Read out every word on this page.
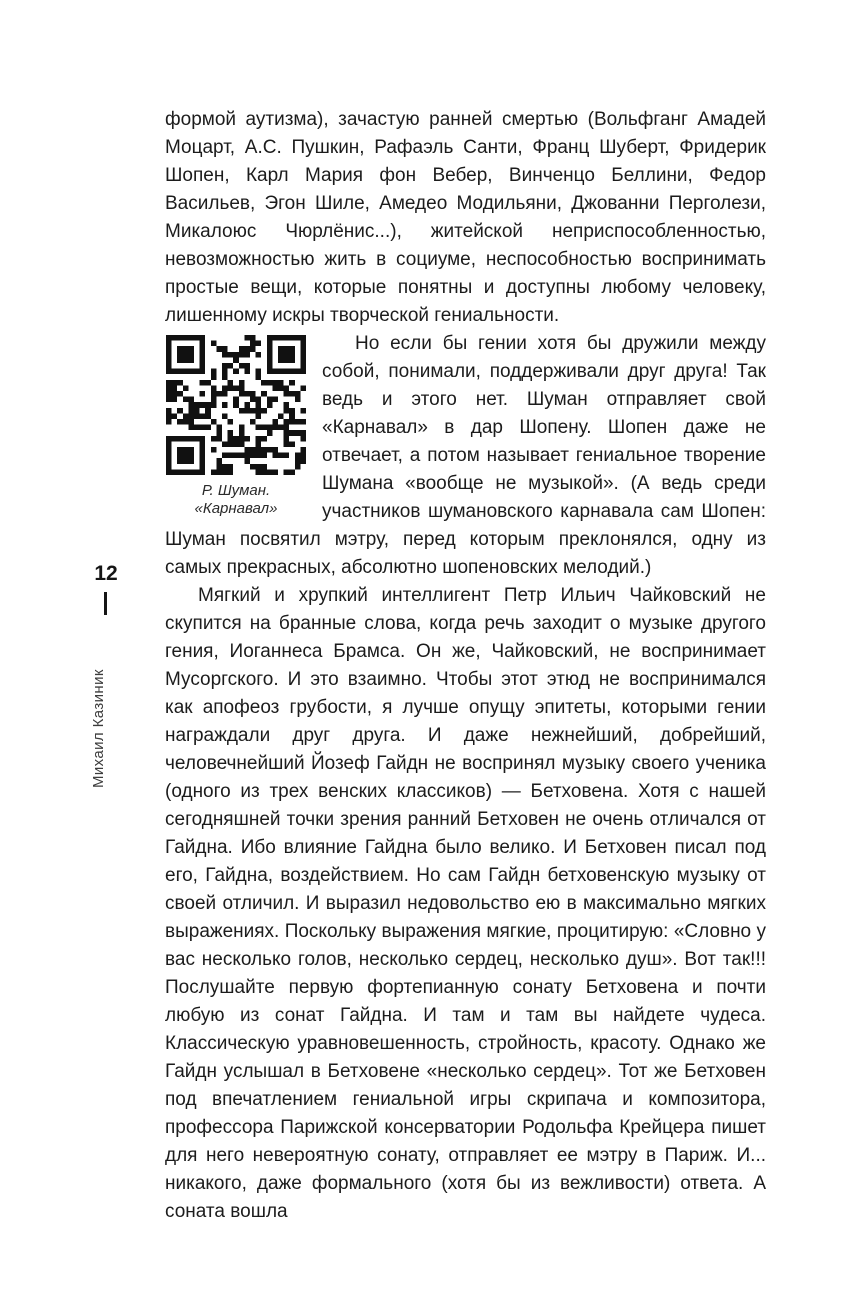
12
Михаил Казиник

формой аутизма), зачастую ранней смертью (Вольфганг Амадей Моцарт, А.С. Пушкин, Рафаэль Санти, Франц Шуберт, Фридерик Шопен, Карл Мария фон Вебер, Винченцо Беллини, Федор Васильев, Эгон Шиле, Амедео Модильяни, Джованни Перголези, Микалоюс Чюрлёнис...), житейской неприспособленностью, невозможностью жить в социуме, неспособностью воспринимать простые вещи, которые понятны и доступны любому человеку, лишенному искры творческой гениальности.

Р. Шуман.
«Карнавал»

Но если бы гении хотя бы дружили между собой, понимали, поддерживали друг друга! Так ведь и этого нет. Шуман отправляет свой «Карнавал» в дар Шопену. Шопен даже не отвечает, а потом называет гениальное творение Шумана «вообще не музыкой». (А ведь среди участников шумановского карнавала сам Шопен: Шуман посвятил мэтру, перед которым преклонялся, одну из самых прекрасных, абсолютно шопеновских мелодий.)

Мягкий и хрупкий интеллигент Петр Ильич Чайковский не скупится на бранные слова, когда речь заходит о музыке другого гения, Иоганнеса Брамса. Он же, Чайковский, не воспринимает Мусоргского. И это взаимно. Чтобы этот этюд не воспринимался как апофеоз грубости, я лучше опущу эпитеты, которыми гении награждали друг друга. И даже нежнейший, добрейший, человечнейший Йозеф Гайдн не воспринял музыку своего ученика (одного из трех венских классиков) — Бетховена. Хотя с нашей сегодняшней точки зрения ранний Бетховен не очень отличался от Гайдна. Ибо влияние Гайдна было велико. И Бетховен писал под его, Гайдна, воздействием. Но сам Гайдн бетховенскую музыку от своей отличил. И выразил недовольство ею в максимально мягких выражениях. Поскольку выражения мягкие, процитирую: «Словно у вас несколько голов, несколько сердец, несколько душ». Вот так!!! Послушайте первую фортепианную сонату Бетховена и почти любую из сонат Гайдна. И там и там вы найдете чудеса. Классическую уравновешенность, стройность, красоту. Однако же Гайдн услышал в Бетховене «несколько сердец». Тот же Бетховен под впечатлением гениальной игры скрипача и композитора, профессора Парижской консерватории Родольфа Крейцера пишет для него невероятную сонату, отправляет ее мэтру в Париж. И... никакого, даже формального (хотя бы из вежливости) ответа. А соната вошла
